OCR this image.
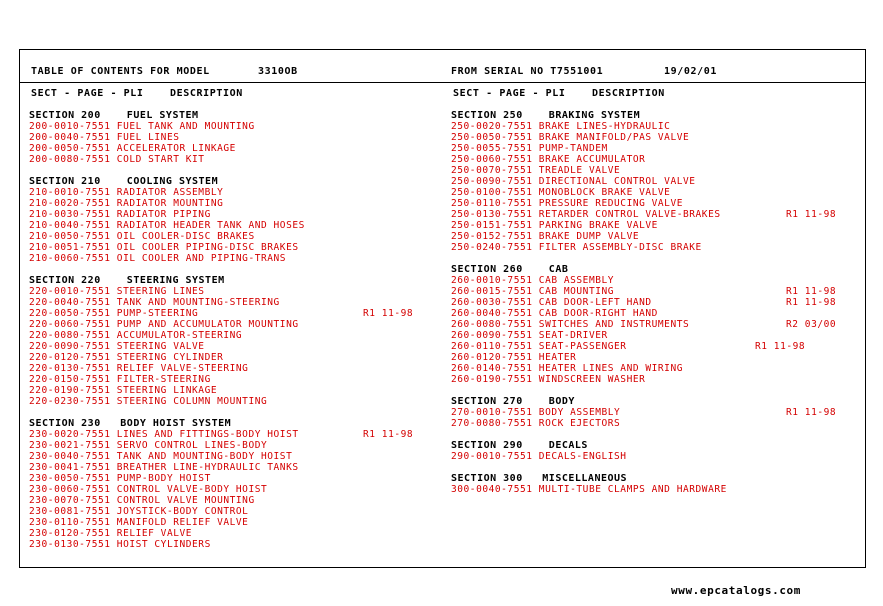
TABLE OF CONTENTS FOR MODEL	3310OB	FROM SERIAL NO T7551001	19/02/01
SECT - PAGE - PLI    DESCRIPTION	SECT - PAGE - PLI    DESCRIPTION
SECTION 200    FUEL SYSTEM
200-0010-7551 FUEL TANK AND MOUNTING
200-0040-7551 FUEL LINES
200-0050-7551 ACCELERATOR LINKAGE
200-0080-7551 COLD START KIT
SECTION 210    COOLING SYSTEM
210-0010-7551 RADIATOR ASSEMBLY
210-0020-7551 RADIATOR MOUNTING
210-0030-7551 RADIATOR PIPING
210-0040-7551 RADIATOR HEADER TANK AND HOSES
210-0050-7551 OIL COOLER-DISC BRAKES
210-0051-7551 OIL COOLER PIPING-DISC BRAKES
210-0060-7551 OIL COOLER AND PIPING-TRANS
SECTION 220    STEERING SYSTEM
220-0010-7551 STEERING LINES
220-0040-7551 TANK AND MOUNTING-STEERING
220-0050-7551 PUMP-STEERING	R1 11-98
220-0060-7551 PUMP AND ACCUMULATOR MOUNTING
220-0080-7551 ACCUMULATOR-STEERING
220-0090-7551 STEERING VALVE
220-0120-7551 STEERING CYLINDER
220-0130-7551 RELIEF VALVE-STEERING
220-0150-7551 FILTER-STEERING
220-0190-7551 STEERING LINKAGE
220-0230-7551 STEERING COLUMN MOUNTING
SECTION 230   BODY HOIST SYSTEM
230-0020-7551 LINES AND FITTINGS-BODY HOIST	R1 11-98
230-0021-7551 SERVO CONTROL LINES-BODY
230-0040-7551 TANK AND MOUNTING-BODY HOIST
230-0041-7551 BREATHER LINE-HYDRAULIC TANKS
230-0050-7551 PUMP-BODY HOIST
230-0060-7551 CONTROL VALVE-BODY HOIST
230-0070-7551 CONTROL VALVE MOUNTING
230-0081-7551 JOYSTICK-BODY CONTROL
230-0110-7551 MANIFOLD RELIEF VALVE
230-0120-7551 RELIEF VALVE
230-0130-7551 HOIST CYLINDERS
SECTION 250    BRAKING SYSTEM
250-0020-7551 BRAKE LINES-HYDRAULIC
250-0050-7551 BRAKE MANIFOLD/PAS VALVE
250-0055-7551 PUMP-TANDEM
250-0060-7551 BRAKE ACCUMULATOR
250-0070-7551 TREADLE VALVE
250-0090-7551 DIRECTIONAL CONTROL VALVE
250-0100-7551 MONOBLOCK BRAKE VALVE
250-0110-7551 PRESSURE REDUCING VALVE
250-0130-7551 RETARDER CONTROL VALVE-BRAKES	R1 11-98
250-0151-7551 PARKING BRAKE VALVE
250-0152-7551 BRAKE DUMP VALVE
250-0240-7551 FILTER ASSEMBLY-DISC BRAKE
SECTION 260    CAB
260-0010-7551 CAB ASSEMBLY
260-0015-7551 CAB MOUNTING	R1 11-98
260-0030-7551 CAB DOOR-LEFT HAND	R1 11-98
260-0040-7551 CAB DOOR-RIGHT HAND
260-0080-7551 SWITCHES AND INSTRUMENTS	R2 03/00
260-0090-7551 SEAT-DRIVER
260-0110-7551 SEAT-PASSENGER	R1 11-98
260-0120-7551 HEATER
260-0140-7551 HEATER LINES AND WIRING
260-0190-7551 WINDSCREEN WASHER
SECTION 270    BODY
270-0010-7551 BODY ASSEMBLY	R1 11-98
270-0080-7551 ROCK EJECTORS
SECTION 290    DECALS
290-0010-7551 DECALS-ENGLISH
SECTION 300   MISCELLANEOUS
300-0040-7551 MULTI-TUBE CLAMPS AND HARDWARE
www.epcatalogs.com
